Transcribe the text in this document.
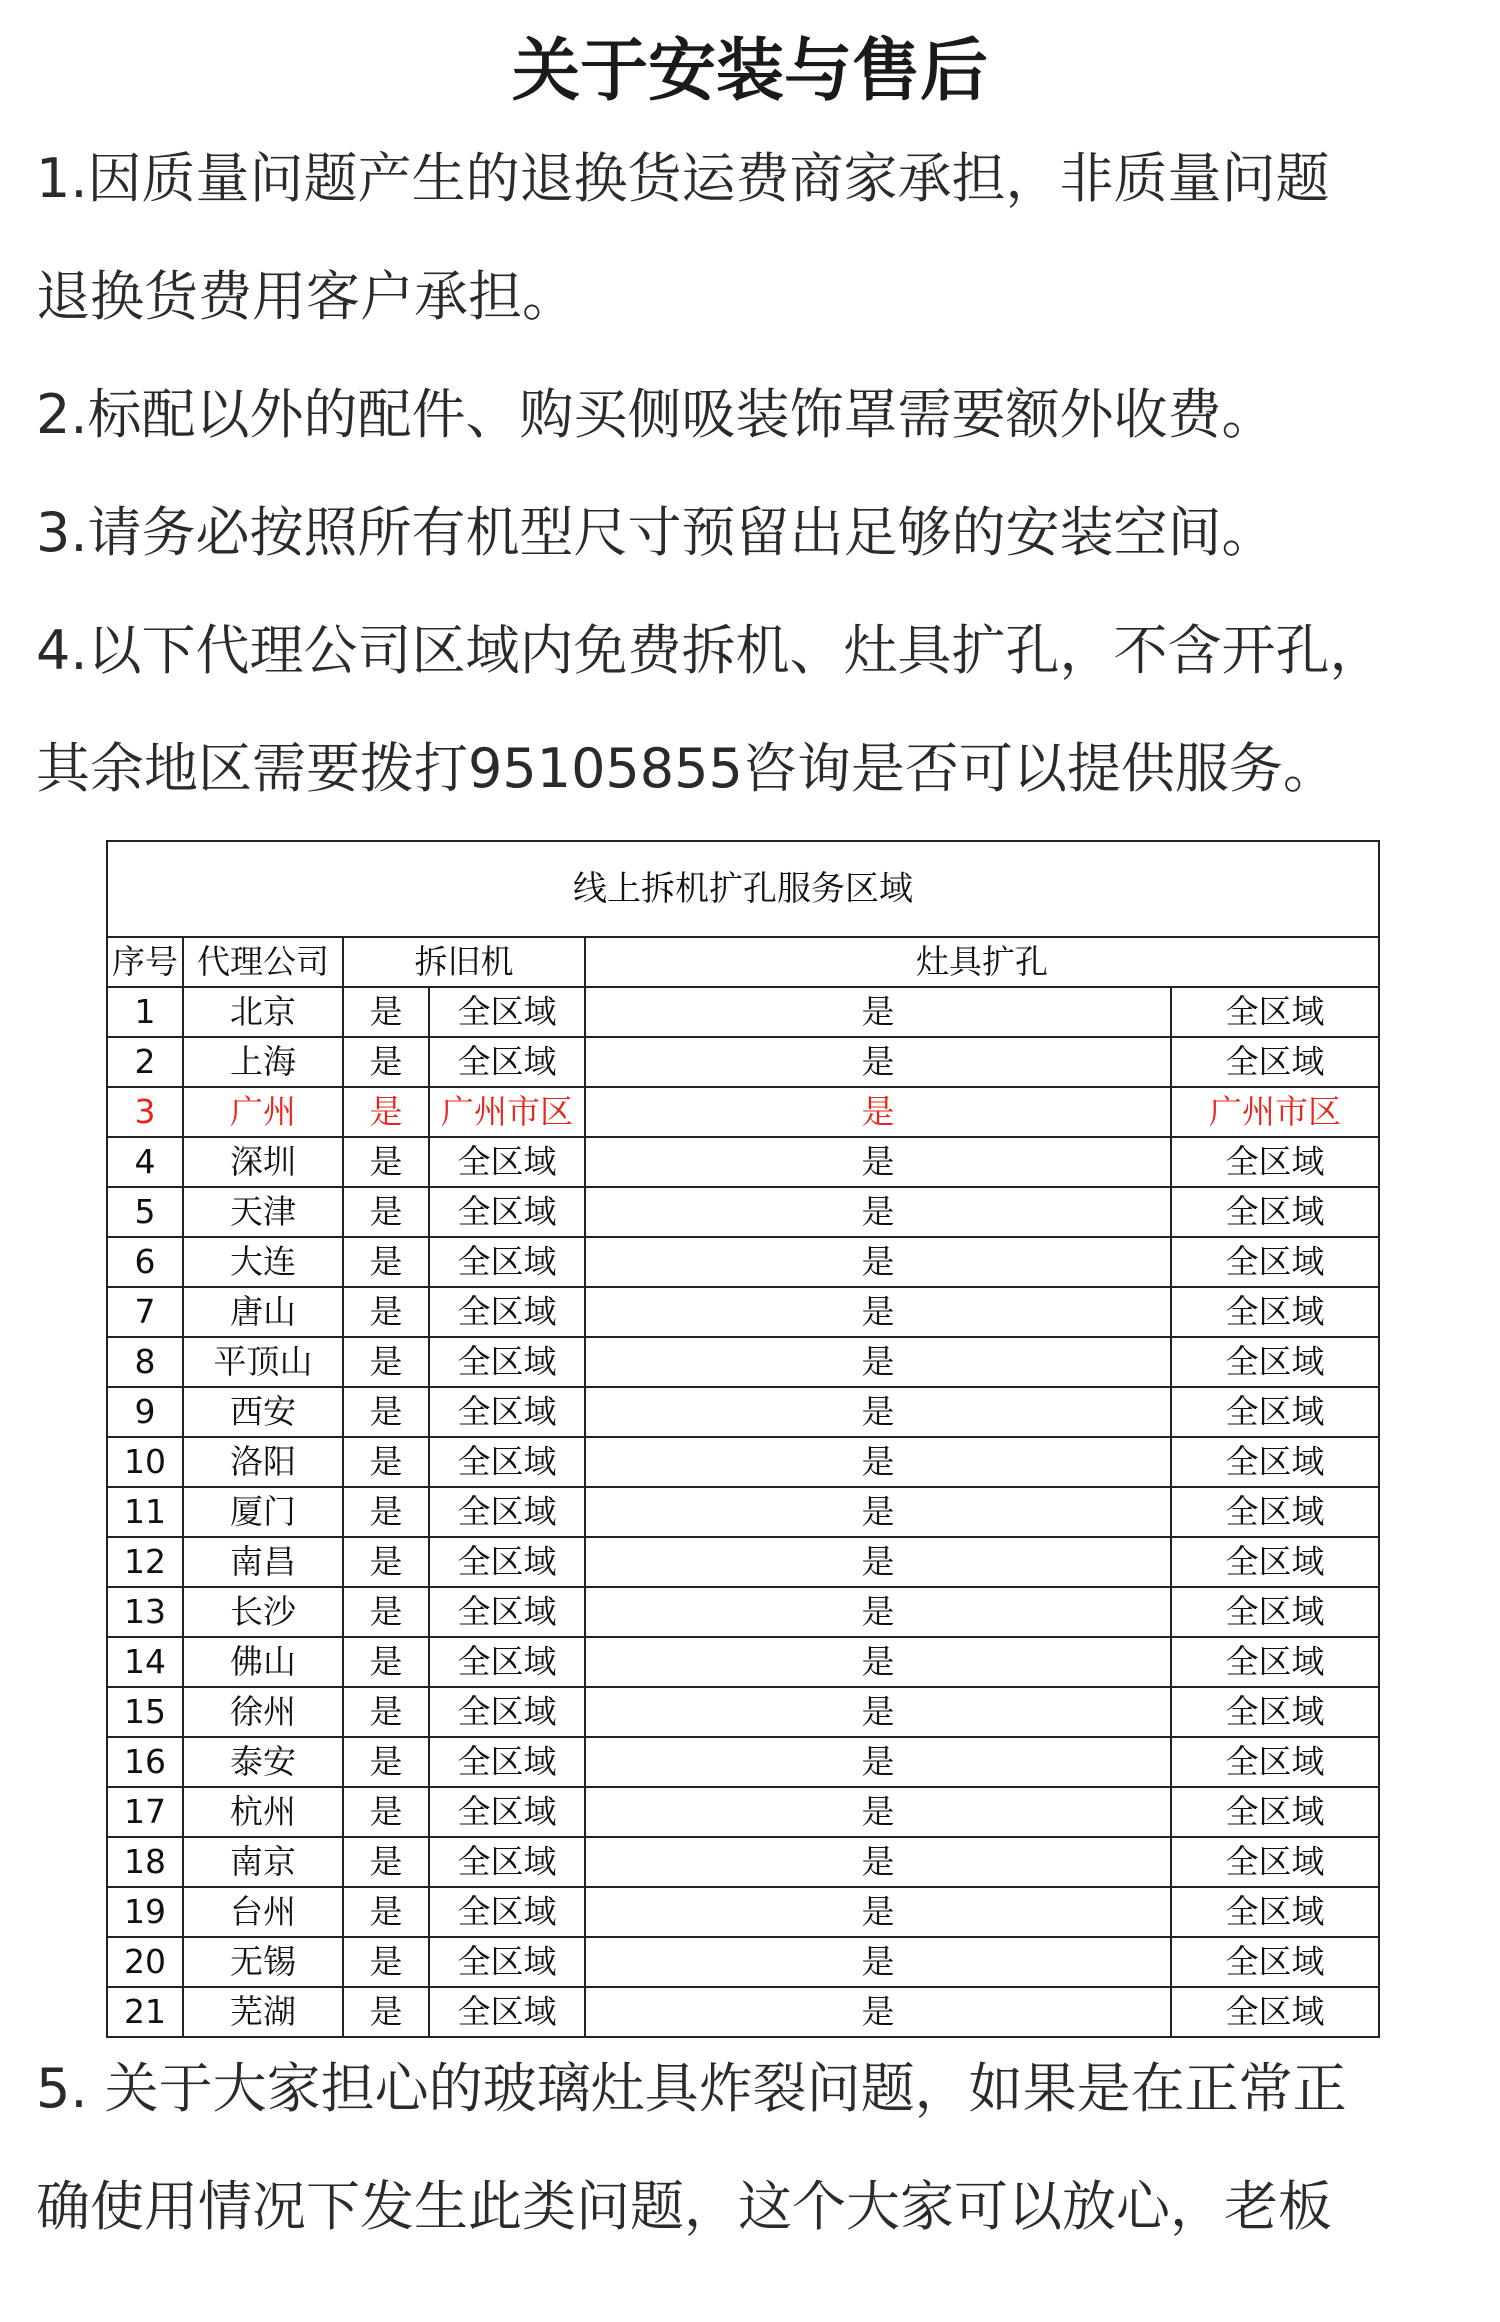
关于安装与售后

1.因质量问题产生的退换货运费商家承担，非质量问题
退换货费用客户承担。

2.标配以外的配件、购买侧吸装饰罩需要额外收费。

3.请务必按照所有机型尺寸预留出足够的安装空间。

4.以下代理公司区域内免费拆机、灶具扩孔，不含开孔，
其余地区需要拨打95105855咨询是否可以提供服务。

线上拆机扩孔服务区域					
序号	代理公司	拆旧机		灶具扩孔	
1	北京	是	全区域	是	全区域
2	上海	是	全区域	是	全区域
3	广州	是	广州市区	是	广州市区
4	深圳	是	全区域	是	全区域
5	天津	是	全区域	是	全区域
6	大连	是	全区域	是	全区域
7	唐山	是	全区域	是	全区域
8	平顶山	是	全区域	是	全区域
9	西安	是	全区域	是	全区域
10	洛阳	是	全区域	是	全区域
11	厦门	是	全区域	是	全区域
12	南昌	是	全区域	是	全区域
13	长沙	是	全区域	是	全区域
14	佛山	是	全区域	是	全区域
15	徐州	是	全区域	是	全区域
16	泰安	是	全区域	是	全区域
17	杭州	是	全区域	是	全区域
18	南京	是	全区域	是	全区域
19	台州	是	全区域	是	全区域
20	无锡	是	全区域	是	全区域
21	芜湖	是	全区域	是	全区域

5. 关于大家担心的玻璃灶具炸裂问题，如果是在正常正
确使用情况下发生此类问题，这个大家可以放心，老板
